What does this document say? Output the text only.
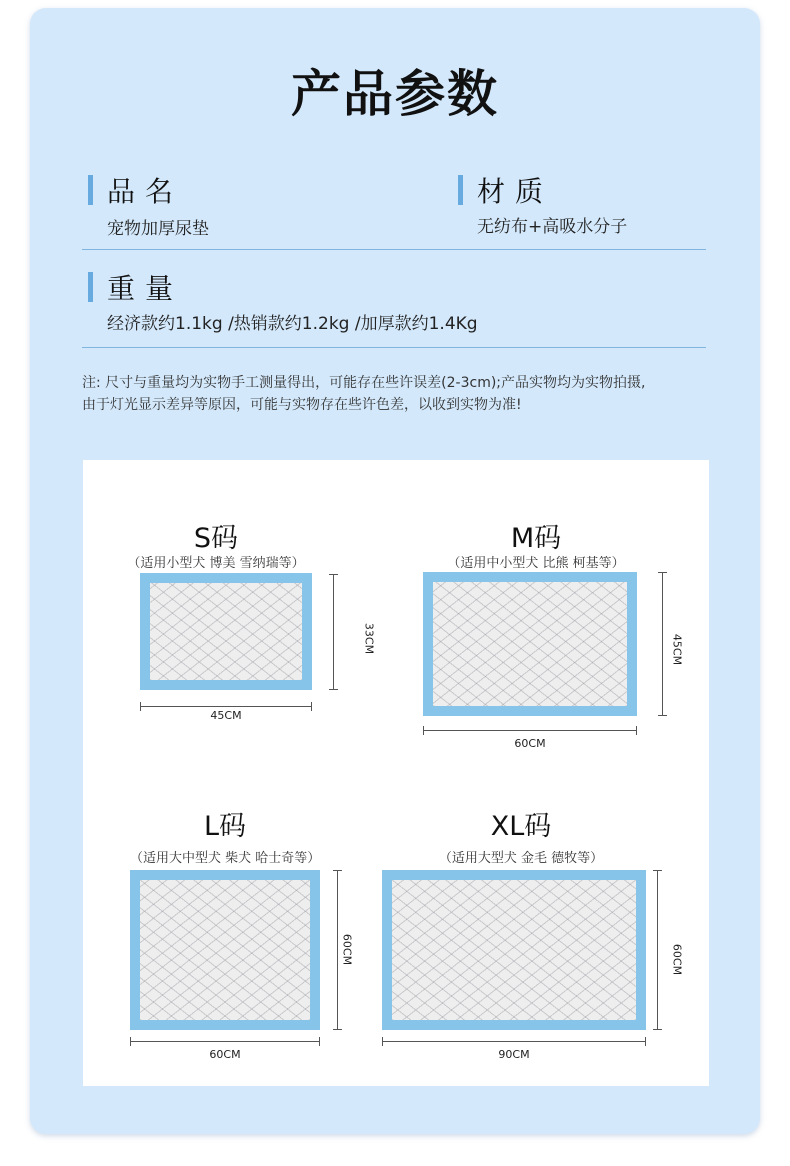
产品参数
品名
宠物加厚尿垫
材质
无纺布+高吸水分子
重量
经济款约1.1kg /热销款约1.2kg /加厚款约1.4Kg
注: 尺寸与重量均为实物手工测量得出，可能存在些许误差(2-3cm);产品实物均为实物拍摄,
由于灯光显示差异等原因，可能与实物存在些许色差，以收到实物为准!
S码
（适用小型犬 博美 雪纳瑞等）
33CM
45CM
M码
（适用中小型犬 比熊 柯基等）
45CM
60CM
L码
（适用大中型犬 柴犬 哈士奇等）
60CM
60CM
XL码
（适用大型犬 金毛 德牧等）
60CM
90CM
